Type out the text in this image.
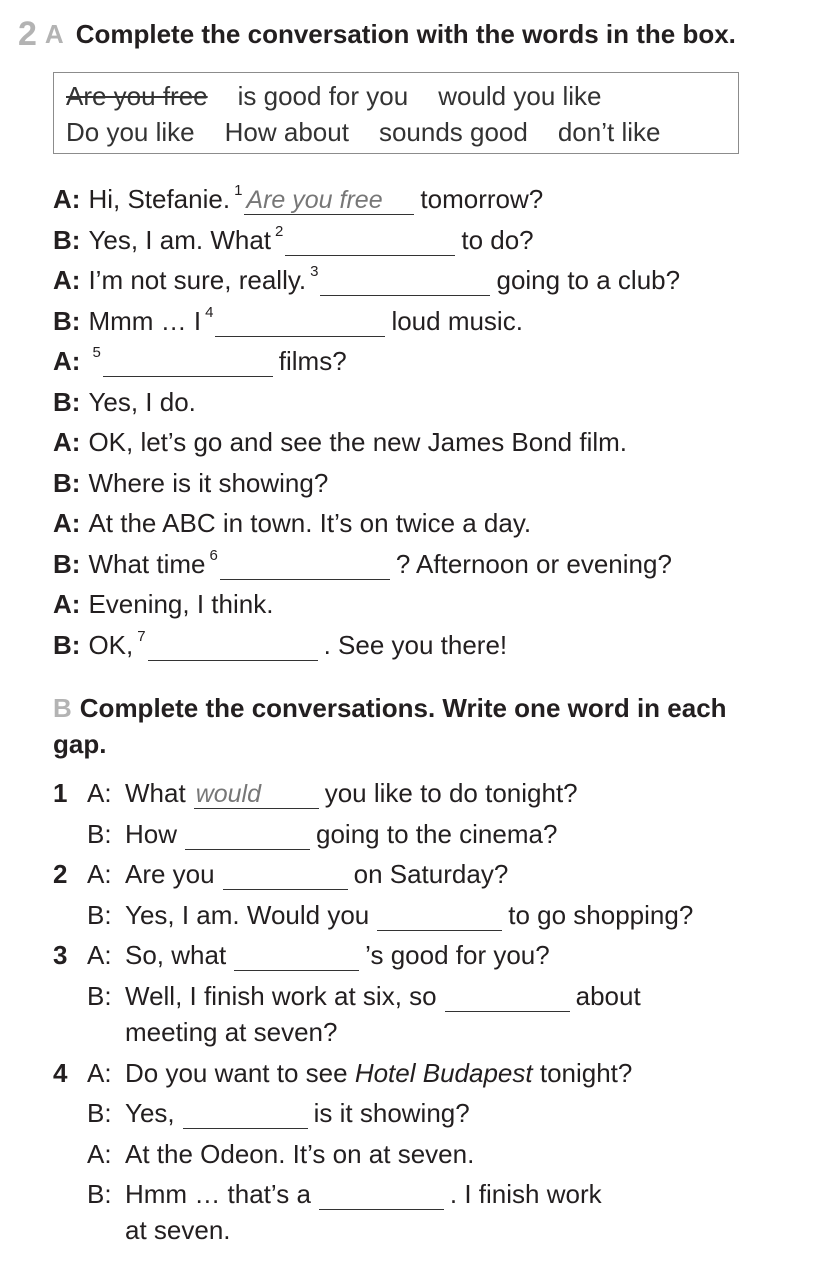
2 A Complete the conversation with the words in the box.
Are you free is good for you would you like
Do you like How about sounds good don’t like
A: Hi, Stefanie. 1 Are you free tomorrow?
B: Yes, I am. What 2	to do?
A: I’m not sure, really. 3	going to a club?
B: Mmm … I 4	loud music.
A: 5	films?
B: Yes, I do.
A: OK, let’s go and see the new James Bond film.
B: Where is it showing?
A: At the ABC in town. It’s on twice a day.
B: What time 6	? Afternoon or evening?
A: Evening, I think.
B: OK, 7	. See you there!
B Complete the conversations. Write one word in each gap.
1 A: What would you like to do tonight?
B: How	going to the cinema?
2 A: Are you	on Saturday?
B: Yes, I am. Would you	to go shopping?
3 A: So, what	’s good for you?
B: Well, I finish work at six, so	about
meeting at seven?
4 A: Do you want to see
Hotel Budapest
tonight?
B: Yes,	is it showing?
A: At the Odeon. It’s on at seven.
B: Hmm … that’s a	. I finish work
at seven.
